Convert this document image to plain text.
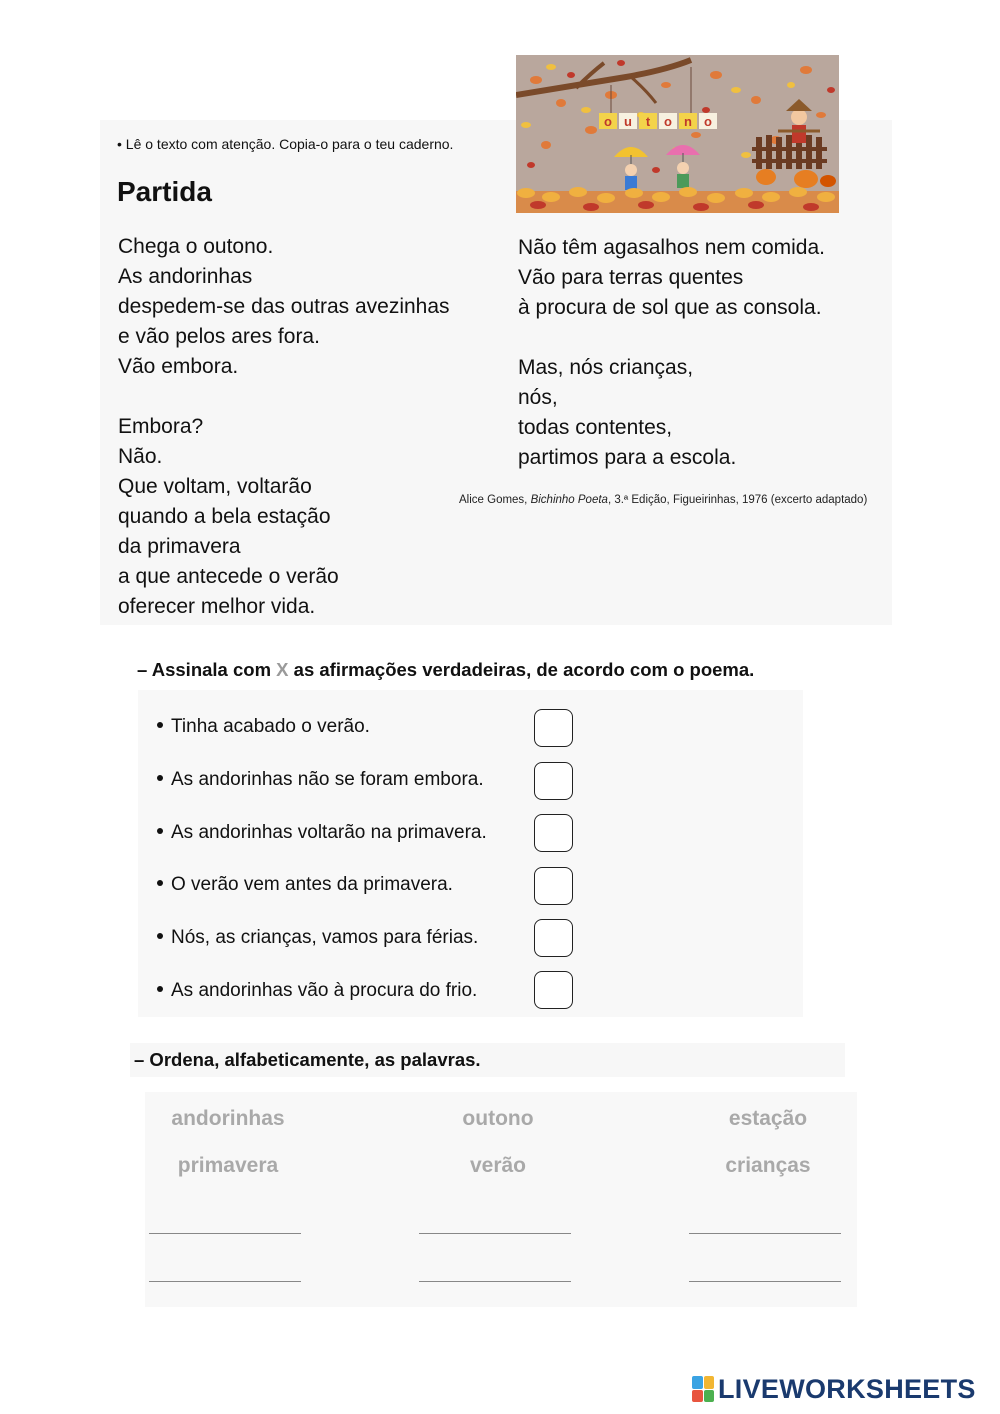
• Lê o texto com atenção. Copia-o para o teu caderno.
Partida
Chega o outono.
As andorinhas
despedem-se das outras avezinhas
e vão pelos ares fora.
Vão embora.
Embora?
Não.
Que voltam, voltarão
quando a bela estação
da primavera
a que antecede o verão
oferecer melhor vida.
Não têm agasalhos nem comida.
Vão para terras quentes
à procura de sol que as consola.
Mas, nós crianças,
nós,
todas contentes,
partimos para a escola.
Alice Gomes, Bichinho Poeta, 3.ª Edição, Figueirinhas, 1976 (excerto adaptado)
o u t o n o
– Assinala com X as afirmações verdadeiras, de acordo com o poema.
Tinha acabado o verão.
As andorinhas não se foram embora.
As andorinhas voltarão na primavera.
O verão vem antes da primavera.
Nós, as crianças, vamos para férias.
As andorinhas vão à procura do frio.
– Ordena, alfabeticamente, as palavras.
andorinhas	outono	estação
primavera	verão	crianças
LIVEWORKSHEETS
